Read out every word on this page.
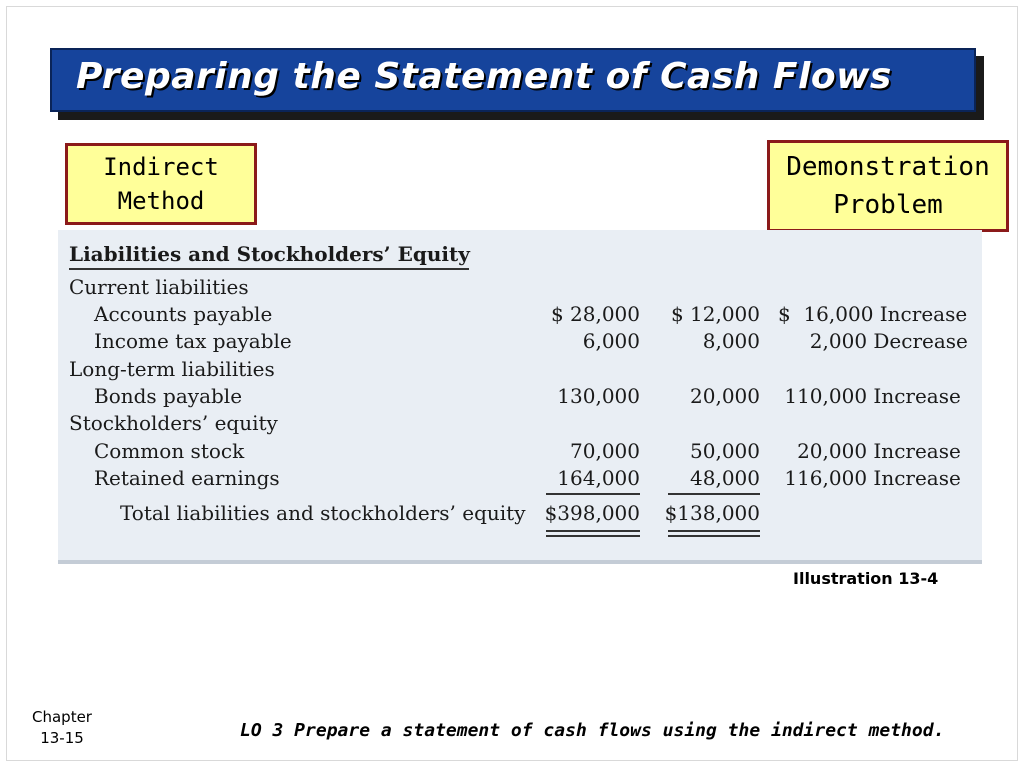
Preparing the Statement of Cash Flows
Indirect
Method
Demonstration
Problem
Liabilities and Stockholders’ Equity
Current liabilities
Accounts payable	$ 28,000 $ 12,000 $  16,000 Increase
Income tax payable	6,000	8,000 2,000 Decrease
Long-term liabilities
Bonds payable	130,000	20,000 110,000 Increase
Stockholders’ equity
Common stock	70,000	50,000 20,000 Increase
Retained earnings	164,000	48,000 116,000 Increase
Total liabilities and stockholders’ equity $398,000 $138,000
Illustration 13-4
Chapter
13-15	LO 3 Prepare a statement of cash flows using the indirect method.
